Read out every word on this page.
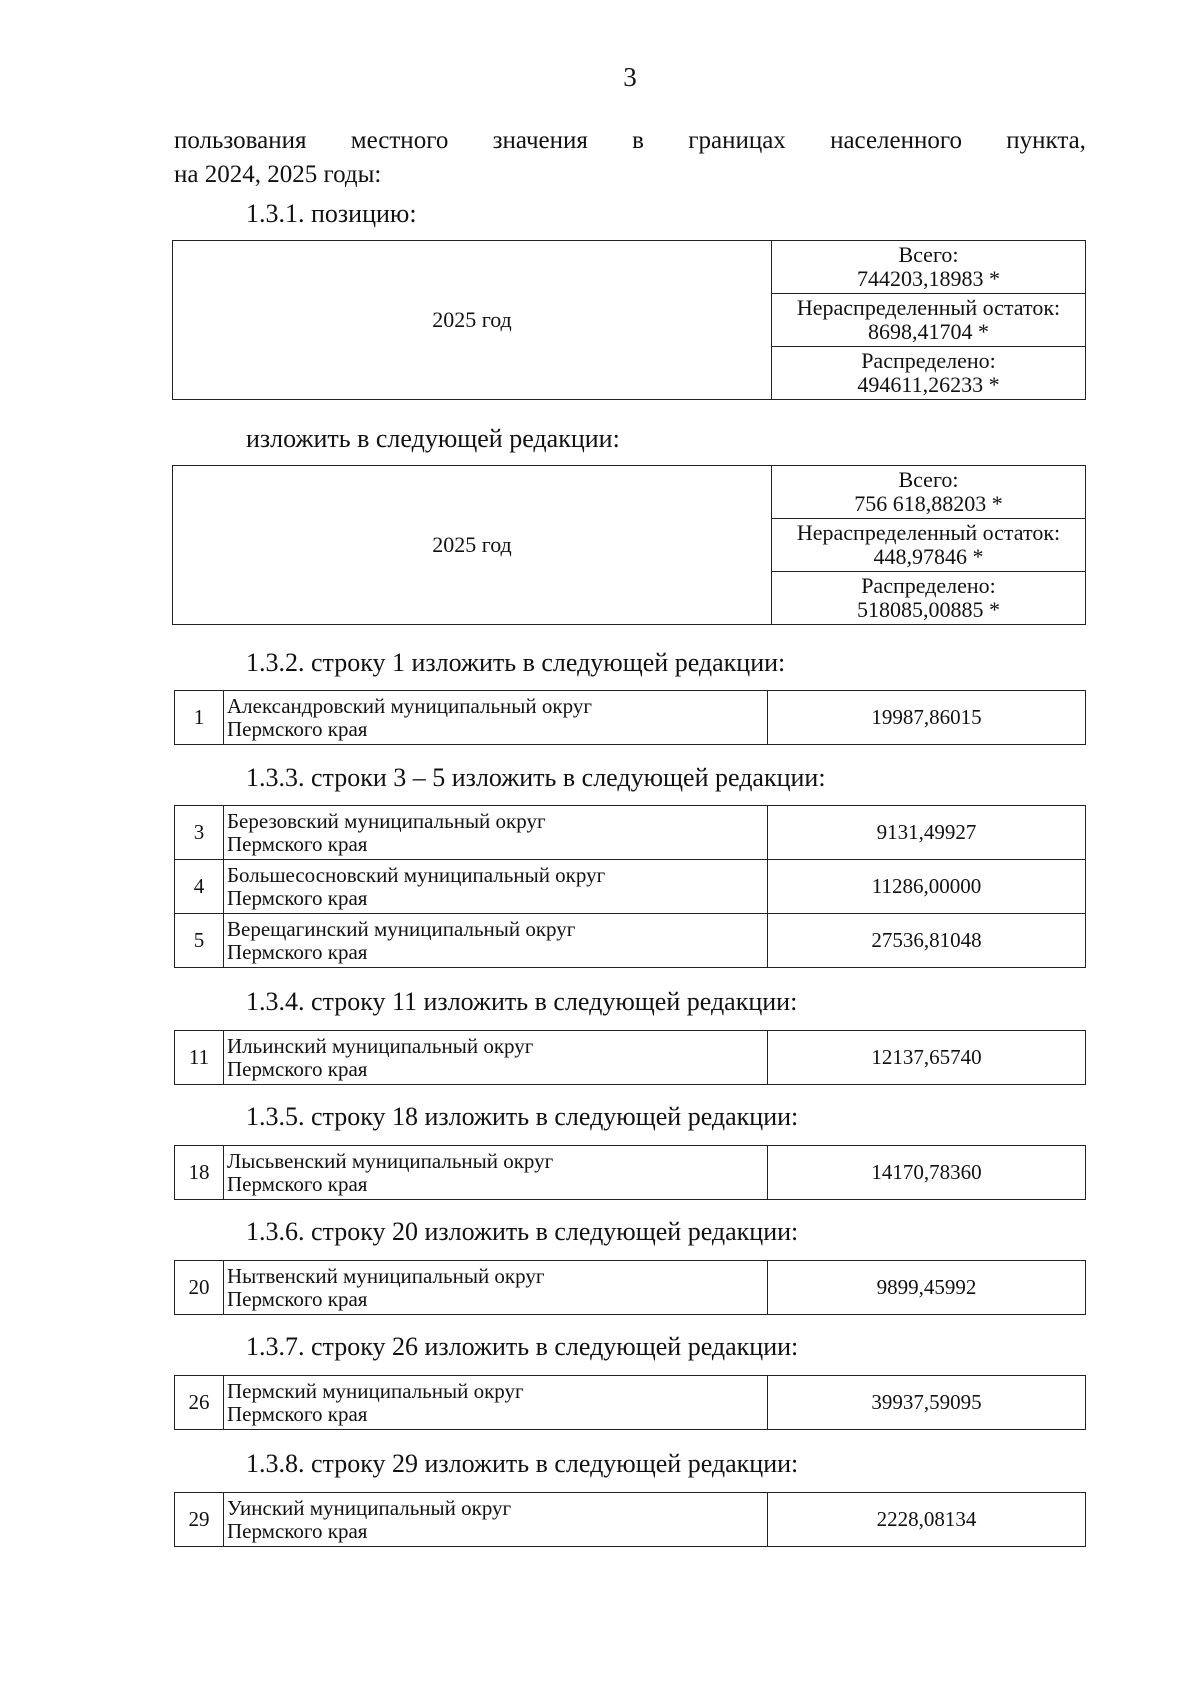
3
пользования местного значения в границах населенного пункта,
на 2024, 2025 годы:
1.3.1. позицию:
2025 год	
Всего:
744203,18983 *

Нераспределенный остаток:
8698,41704 *

Распределено:
494611,26233 *
изложить в следующей редакции:
2025 год	
Всего:
756 618,88203 *

Нераспределенный остаток:
448,97846 *

Распределено:
518085,00885 *
1.3.2. строку 1 изложить в следующей редакции:
1	Александровский муниципальный округ
Пермского края	19987,86015
1.3.3. строки 3 – 5 изложить в следующей редакции:
3	Березовский муниципальный округ
Пермского края	9131,49927
4	Большесосновский муниципальный округ
Пермского края	11286,00000
5	Верещагинский муниципальный округ
Пермского края	27536,81048
1.3.4. строку 11 изложить в следующей редакции:
11	Ильинский муниципальный округ
Пермского края	12137,65740
1.3.5. строку 18 изложить в следующей редакции:
18	Лысьвенский муниципальный округ
Пермского края	14170,78360
1.3.6. строку 20 изложить в следующей редакции:
20	Нытвенский муниципальный округ
Пермского края	9899,45992
1.3.7. строку 26 изложить в следующей редакции:
26	Пермский муниципальный округ
Пермского края	39937,59095
1.3.8. строку 29 изложить в следующей редакции:
29	Уинский муниципальный округ
Пермского края	2228,08134
